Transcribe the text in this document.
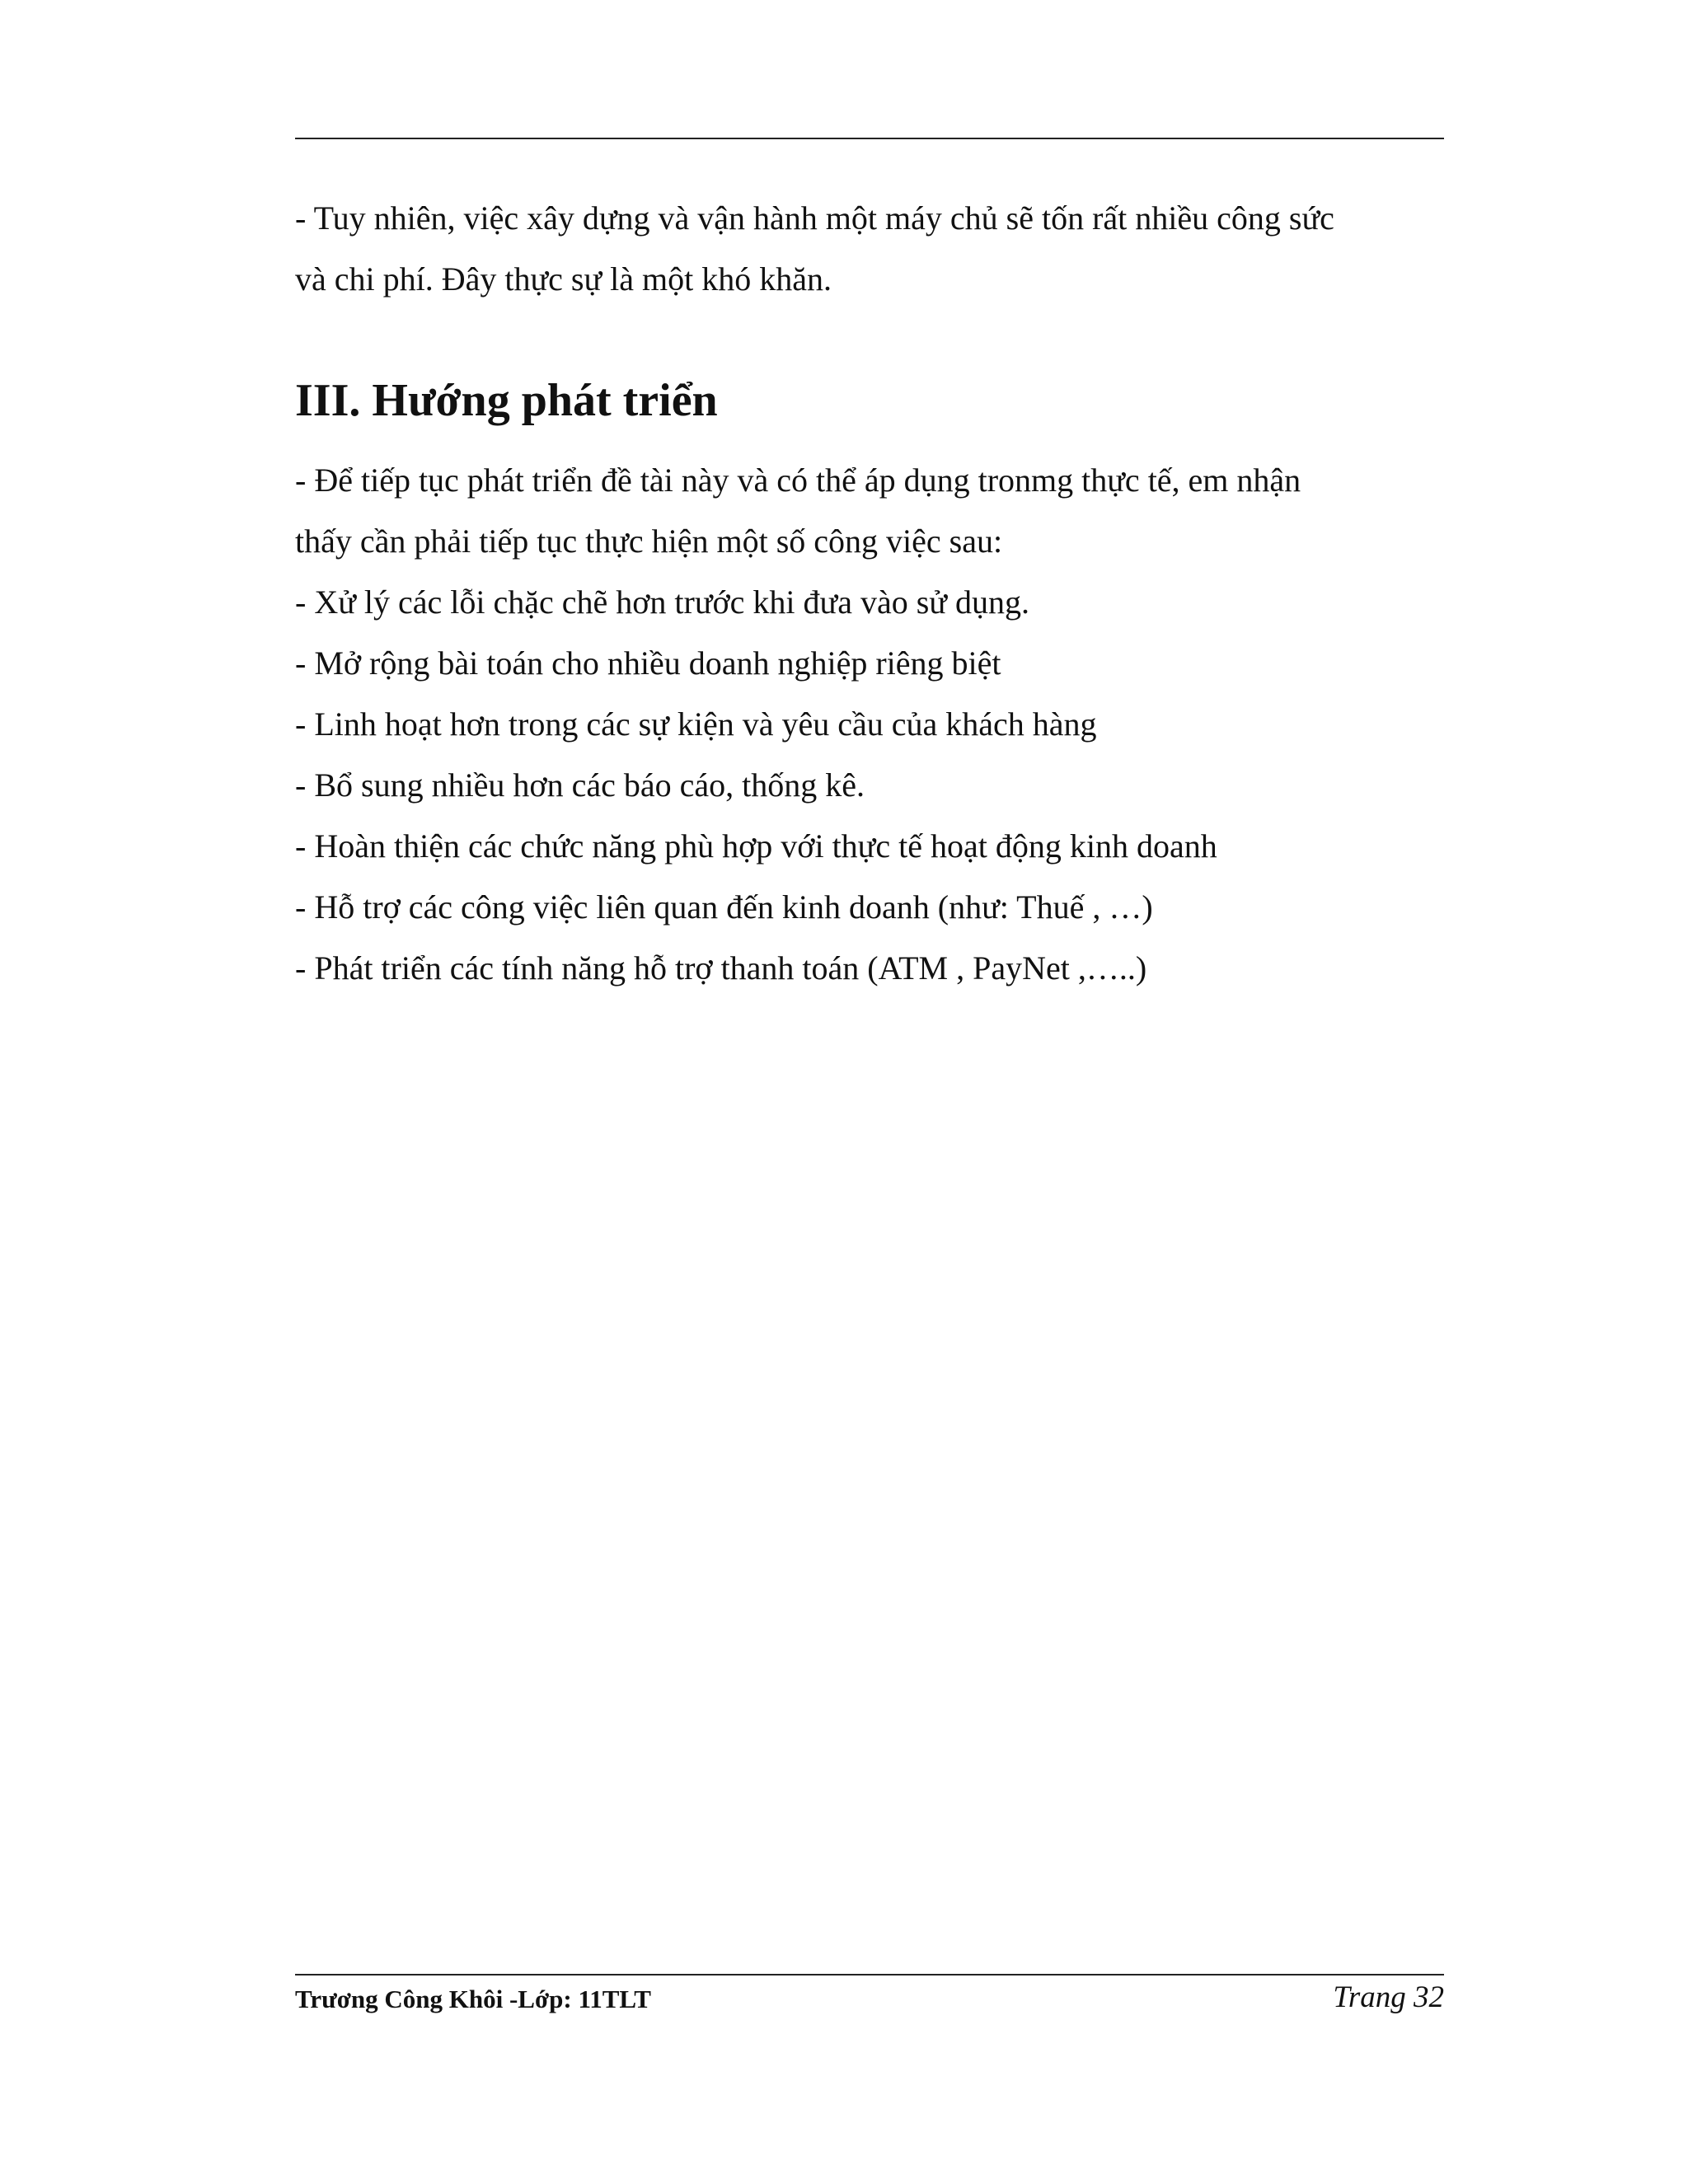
- Tuy nhiên, việc xây dựng và vận hành một máy chủ sẽ tốn rất nhiều công sức
và chi phí. Đây thực sự là một khó khăn.
III. Hướng phát triển
- Để tiếp tục phát triển đề tài này và có thể áp dụng tronmg thực tế, em nhận
thấy cần phải tiếp tục thực hiện một số công việc sau:
- Xử lý các lỗi chặc chẽ hơn trước khi đưa vào sử dụng.
- Mở rộng bài toán cho nhiều doanh nghiệp riêng biệt
- Linh hoạt hơn trong các sự kiện và yêu cầu của khách hàng
- Bổ sung nhiều hơn các báo cáo, thống kê.
- Hoàn thiện các chức năng phù hợp với thực tế hoạt động kinh doanh
- Hỗ trợ các công việc liên quan đến kinh doanh (như: Thuế , …)
- Phát triển các tính năng hỗ trợ thanh toán (ATM , PayNet ,…..)
Trương Công Khôi -Lớp: 11TLT	Trang 32
